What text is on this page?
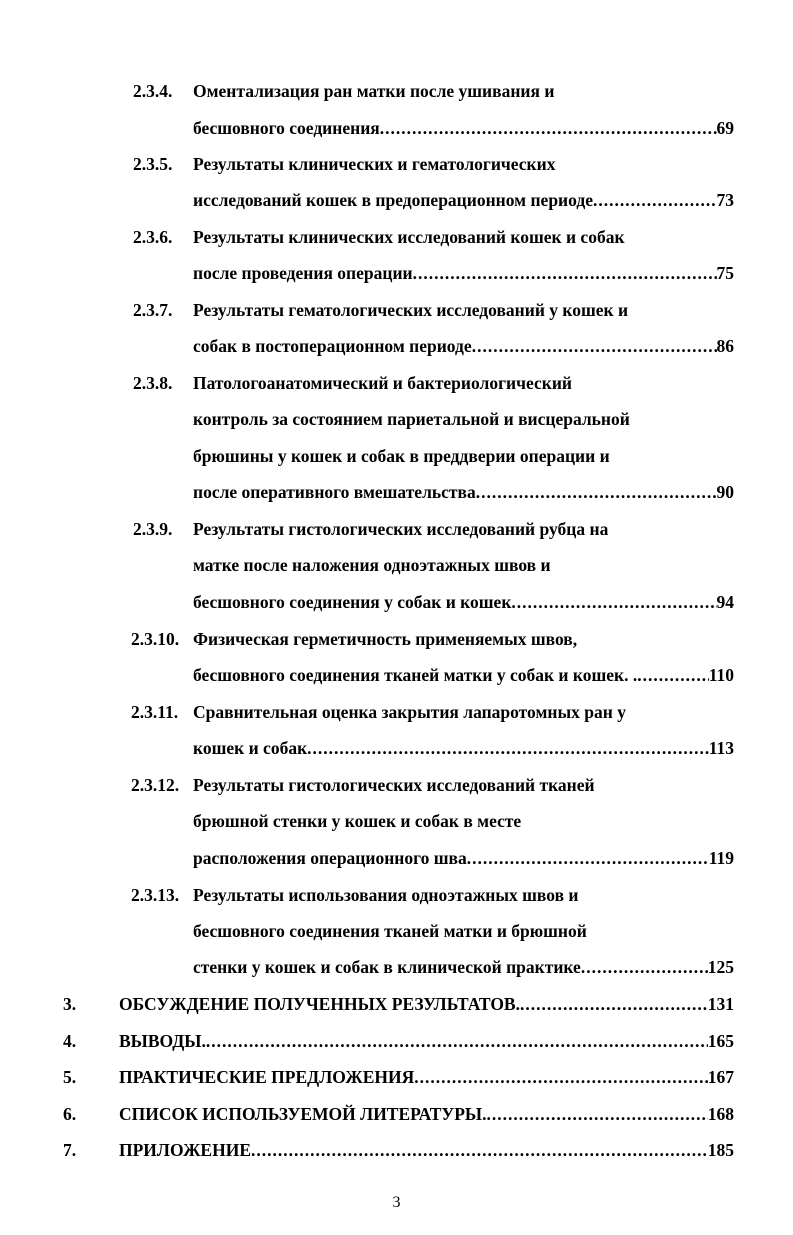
2.3.4. Оментализация ран матки после ушивания и
бесшовного соединения .....	69
2.3.5. Результаты клинических и гематологических
исследований кошек в предоперационном периоде .....	73
2.3.6. Результаты клинических исследований кошек и собак
после проведения операции .....	75
2.3.7. Результаты гематологических исследований у кошек и
собак в постоперационном периоде .....	86
2.3.8. Патологоанатомический и бактериологический
контроль за состоянием париетальной и висцеральной
брюшины у кошек и собак в преддверии операции и
после оперативного вмешательства .....	90
2.3.9. Результаты гистологических исследований рубца на
матке после наложения одноэтажных швов и
бесшовного соединения у собак и кошек .....	94
2.3.10. Физическая герметичность применяемых швов,
бесшовного соединения тканей матки у собак и кошек. . .....	110
2.3.11. Сравнительная оценка закрытия лапаротомных ран у
кошек и собак .....	113
2.3.12. Результаты гистологических исследований тканей
брюшной стенки у кошек и собак в месте
расположения операционного шва .....	119
2.3.13. Результаты использования одноэтажных швов и
бесшовного соединения тканей матки и брюшной
стенки у кошек и собак в клинической практике .....	125
3. ОБСУЖДЕНИЕ ПОЛУЧЕННЫХ РЕЗУЛЬТАТОВ. .....	131
4. ВЫВОДЫ. .....	165
5. ПРАКТИЧЕСКИЕ ПРЕДЛОЖЕНИЯ .....	167
6. СПИСОК ИСПОЛЬЗУЕМОЙ ЛИТЕРАТУРЫ. .....	168
7. ПРИЛОЖЕНИЕ .....	185
3
